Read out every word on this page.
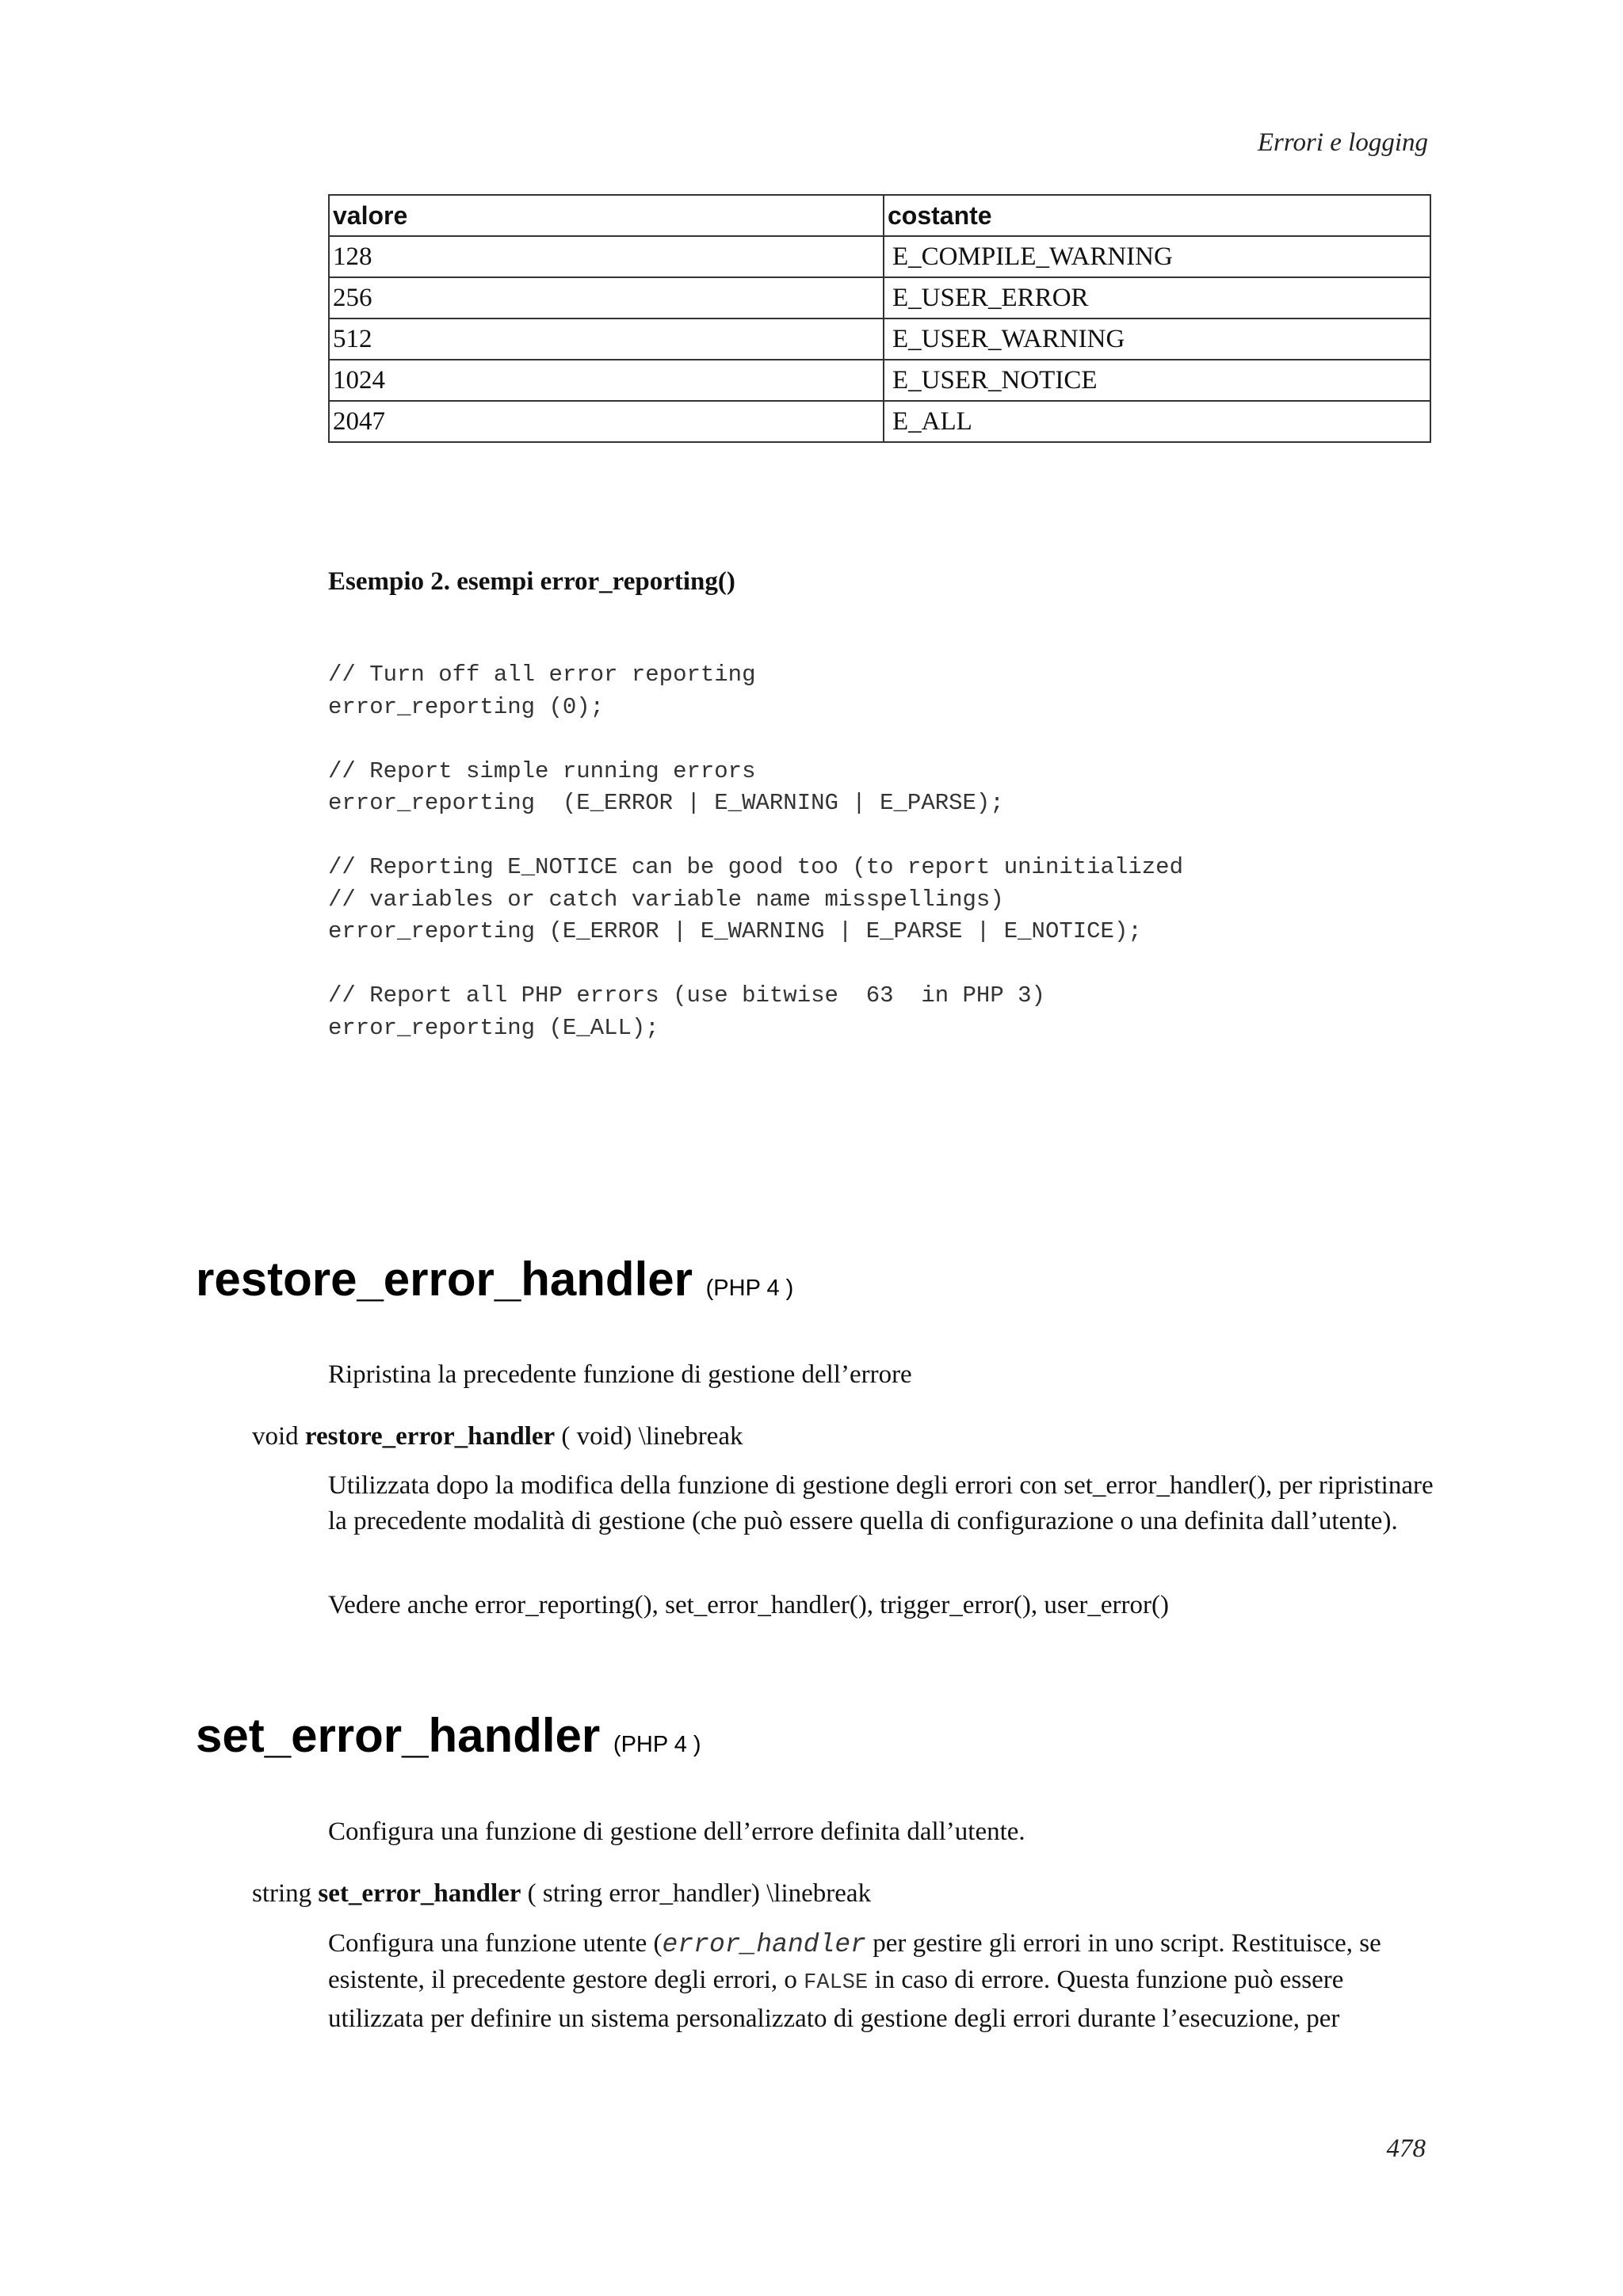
Errori e logging
valore	costante
128	E_COMPILE_WARNING
256	E_USER_ERROR
512	E_USER_WARNING
1024	E_USER_NOTICE
2047	E_ALL
Esempio 2. esempi error_reporting()
// Turn off all error reporting
error_reporting (0);

// Report simple running errors
error_reporting  (E_ERROR | E_WARNING | E_PARSE);

// Reporting E_NOTICE can be good too (to report uninitialized
// variables or catch variable name misspellings)
error_reporting (E_ERROR | E_WARNING | E_PARSE | E_NOTICE);

// Report all PHP errors (use bitwise  63  in PHP 3)
error_reporting (E_ALL);
restore_error_handler (PHP 4 )
Ripristina la precedente funzione di gestione dell’errore
void restore_error_handler ( void) \linebreak

Utilizzata dopo la modifica della funzione di gestione degli errori con set_error_handler(), per ripristinare la precedente modalità di gestione (che può essere quella di configurazione o una definita dall’utente).

Vedere anche error_reporting(), set_error_handler(), trigger_error(), user_error()

set_error_handler (PHP 4 )
Configura una funzione di gestione dell’errore definita dall’utente.
string set_error_handler ( string error_handler) \linebreak

Configura una funzione utente (error_handler per gestire gli errori in uno script. Restituisce, se esistente, il precedente gestore degli errori, o FALSE in caso di errore. Questa funzione può essere utilizzata per definire un sistema personalizzato di gestione degli errori durante l’esecuzione, per

478
